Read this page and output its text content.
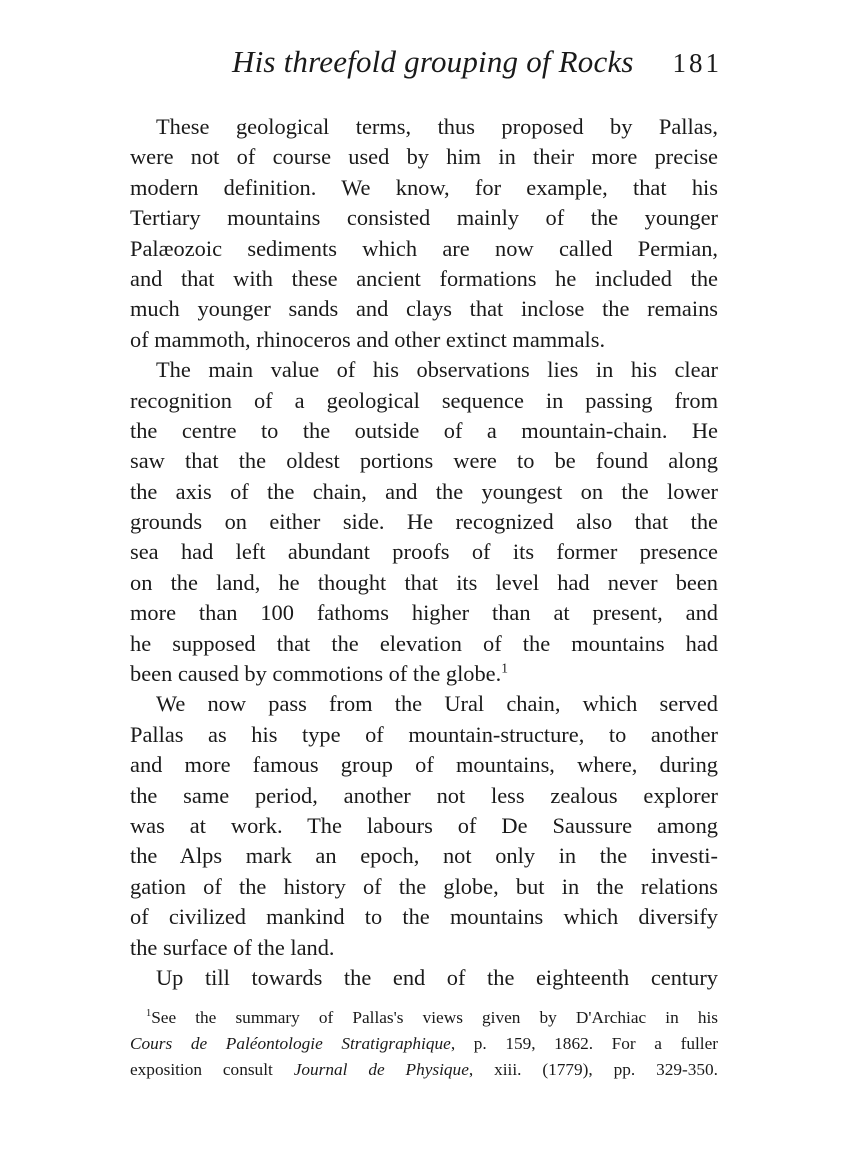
His threefold grouping of Rocks 181
These geological terms, thus proposed by Pallas,
were not of course used by him in their more precise
modern definition. We know, for example, that his
Tertiary mountains consisted mainly of the younger
Palæozoic sediments which are now called Permian,
and that with these ancient formations he included the
much younger sands and clays that inclose the remains
of mammoth, rhinoceros and other extinct mammals.
The main value of his observations lies in his clear
recognition of a geological sequence in passing from
the centre to the outside of a mountain-chain. He
saw that the oldest portions were to be found along
the axis of the chain, and the youngest on the lower
grounds on either side. He recognized also that the
sea had left abundant proofs of its former presence
on the land, he thought that its level had never been
more than 100 fathoms higher than at present, and
he supposed that the elevation of the mountains had
been caused by commotions of the globe.$^1$
We now pass from the Ural chain, which served
Pallas as his type of mountain-structure, to another
and more famous group of mountains, where, during
the same period, another not less zealous explorer
was at work. The labours of De Saussure among
the Alps mark an epoch, not only in the investi-
gation of the history of the globe, but in the relations
of civilized mankind to the mountains which diversify
the surface of the land.
Up till towards the end of the eighteenth century
$^1$See the summary of Pallas's views given by D'Archiac in his
Cours de Paléontologie Stratigraphique, p. 159, 1862. For a fuller
exposition consult Journal de Physique, xiii. (1779), pp. 329-350.
